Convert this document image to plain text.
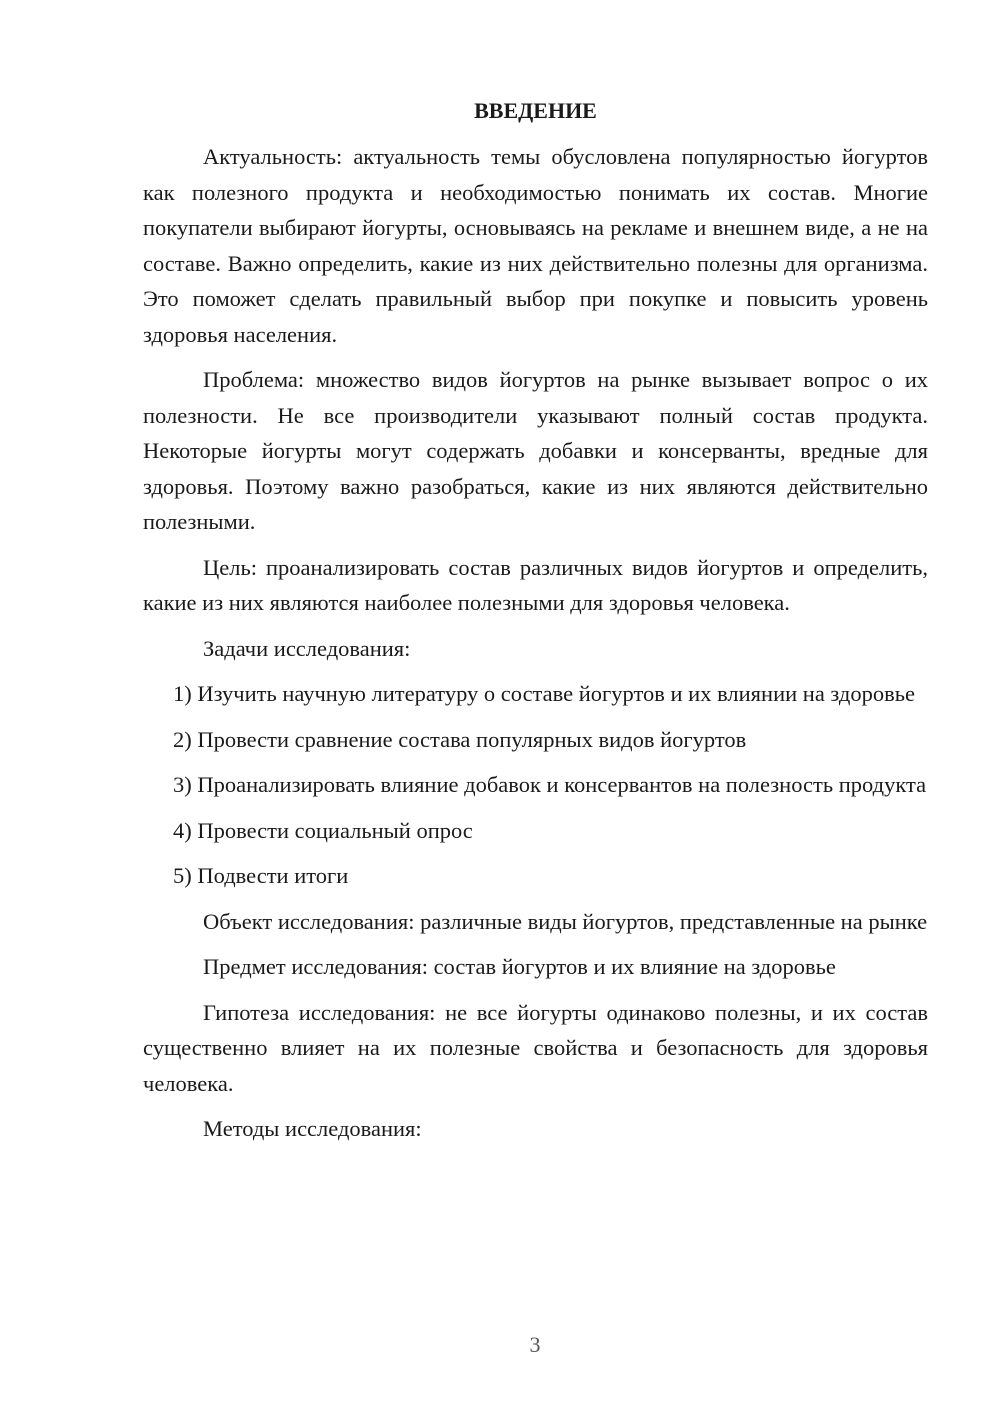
ВВЕДЕНИЕ

Актуальность: актуальность темы обусловлена популярностью йогуртов как полезного продукта и необходимостью понимать их состав. Многие покупатели выбирают йогурты, основываясь на рекламе и внешнем виде, а не на составе. Важно определить, какие из них действительно полезны для организма. Это поможет сделать правильный выбор при покупке и повысить уровень здоровья населения.

Проблема: множество видов йогуртов на рынке вызывает вопрос о их полезности. Не все производители указывают полный состав продукта. Некоторые йогурты могут содержать добавки и консерванты, вредные для здоровья. Поэтому важно разобраться, какие из них являются действительно полезными.

Цель: проанализировать состав различных видов йогуртов и определить, какие из них являются наиболее полезными для здоровья человека.

Задачи исследования:

1) Изучить научную литературу о составе йогуртов и их влиянии на здоровье

2) Провести сравнение состава популярных видов йогуртов

3) Проанализировать влияние добавок и консервантов на полезность продукта

4) Провести социальный опрос

5) Подвести итоги

Объект исследования: различные виды йогуртов, представленные на рынке

Предмет исследования: состав йогуртов и их влияние на здоровье

Гипотеза исследования: не все йогурты одинаково полезны, и их состав существенно влияет на их полезные свойства и безопасность для здоровья человека.

Методы исследования:

3
